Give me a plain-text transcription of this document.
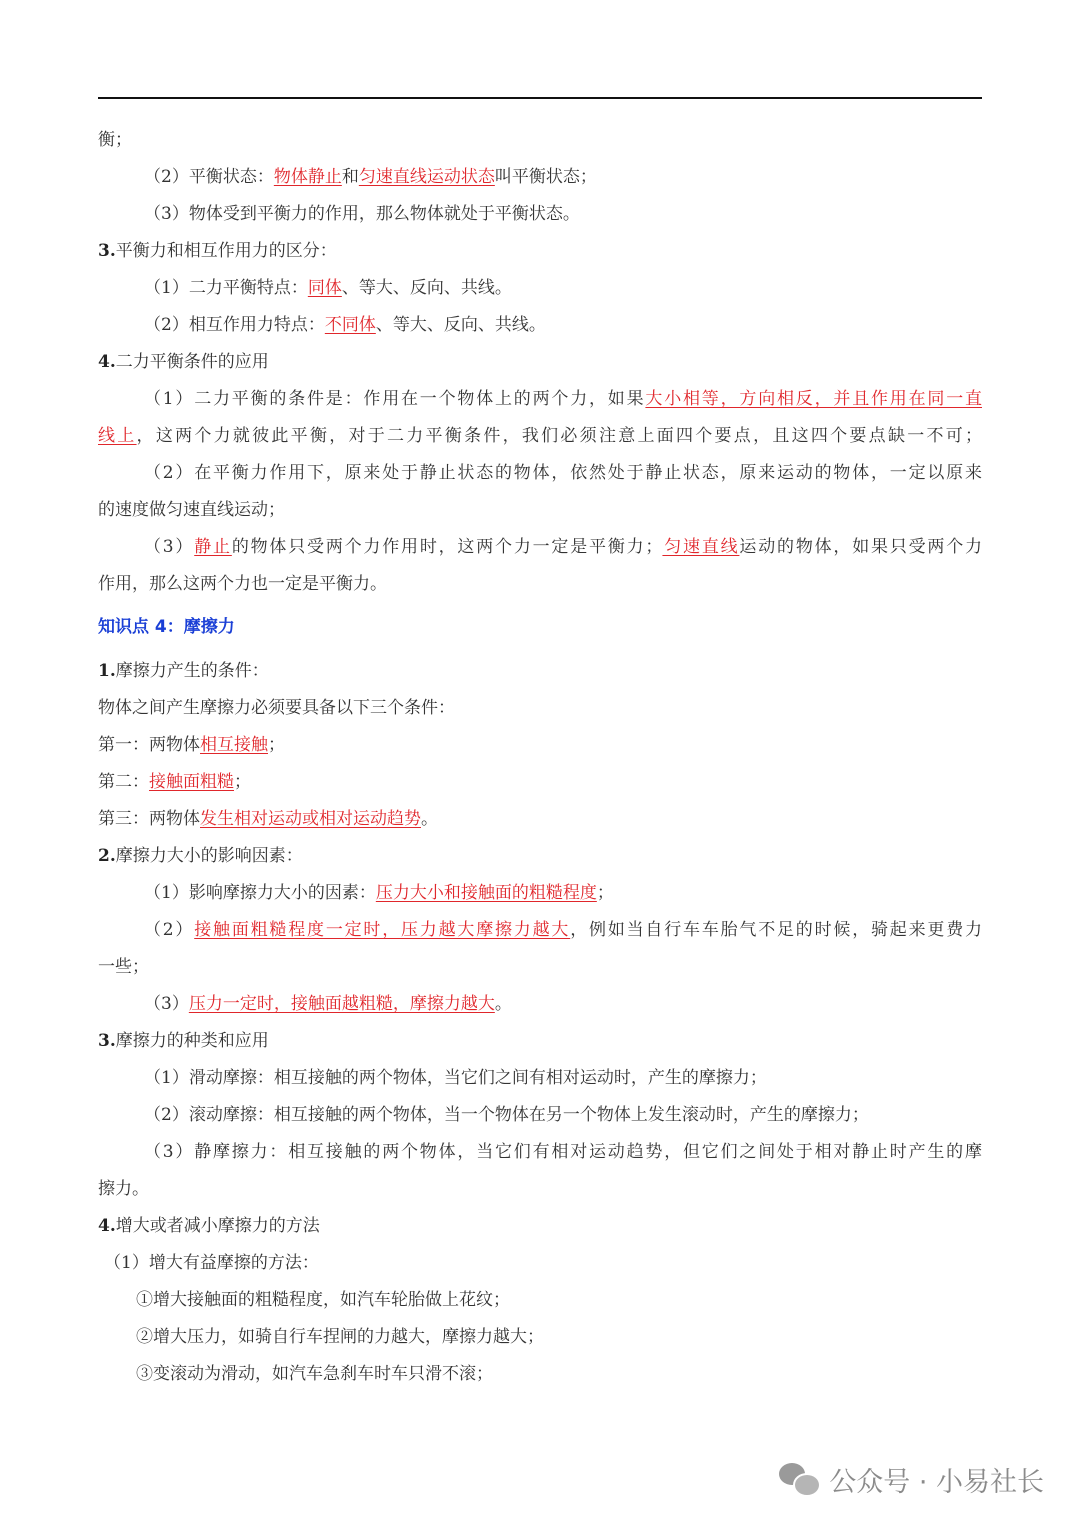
衡；
（2）平衡状态：物体静止和匀速直线运动状态叫平衡状态；
（3）物体受到平衡力的作用，那么物体就处于平衡状态。
3.平衡力和相互作用力的区分：
（1）二力平衡特点：同体、等大、反向、共线。
（2）相互作用力特点：不同体、等大、反向、共线。
4.二力平衡条件的应用
（1）二力平衡的条件是：作用在一个物体上的两个力，如果大小相等，方向相反，并且作用在同一直
线上，这两个力就彼此平衡，对于二力平衡条件，我们必须注意上面四个要点，且这四个要点缺一不可；
（2）在平衡力作用下，原来处于静止状态的物体，依然处于静止状态，原来运动的物体，一定以原来
的速度做匀速直线运动；
（3）静止的物体只受两个力作用时，这两个力一定是平衡力；匀速直线运动的物体，如果只受两个力
作用，那么这两个力也一定是平衡力。
知识点 4：摩擦力
1.摩擦力产生的条件：
物体之间产生摩擦力必须要具备以下三个条件：
第一：两物体相互接触；
第二：接触面粗糙；
第三：两物体发生相对运动或相对运动趋势。
2.摩擦力大小的影响因素：
（1）影响摩擦力大小的因素：压力大小和接触面的粗糙程度；
（2）接触面粗糙程度一定时，压力越大摩擦力越大，例如当自行车车胎气不足的时候，骑起来更费力
一些；
（3）压力一定时，接触面越粗糙，摩擦力越大。
3.摩擦力的种类和应用
（1）滑动摩擦：相互接触的两个物体，当它们之间有相对运动时，产生的摩擦力；
（2）滚动摩擦：相互接触的两个物体，当一个物体在另一个物体上发生滚动时，产生的摩擦力；
（3）静摩擦力：相互接触的两个物体，当它们有相对运动趋势，但它们之间处于相对静止时产生的摩
擦力。
4.增大或者减小摩擦力的方法
（1）增大有益摩擦的方法：
①增大接触面的粗糙程度，如汽车轮胎做上花纹；
②增大压力，如骑自行车捏闸的力越大，摩擦力越大；
③变滚动为滑动，如汽车急刹车时车只滑不滚；
公众号 · 小易社长
